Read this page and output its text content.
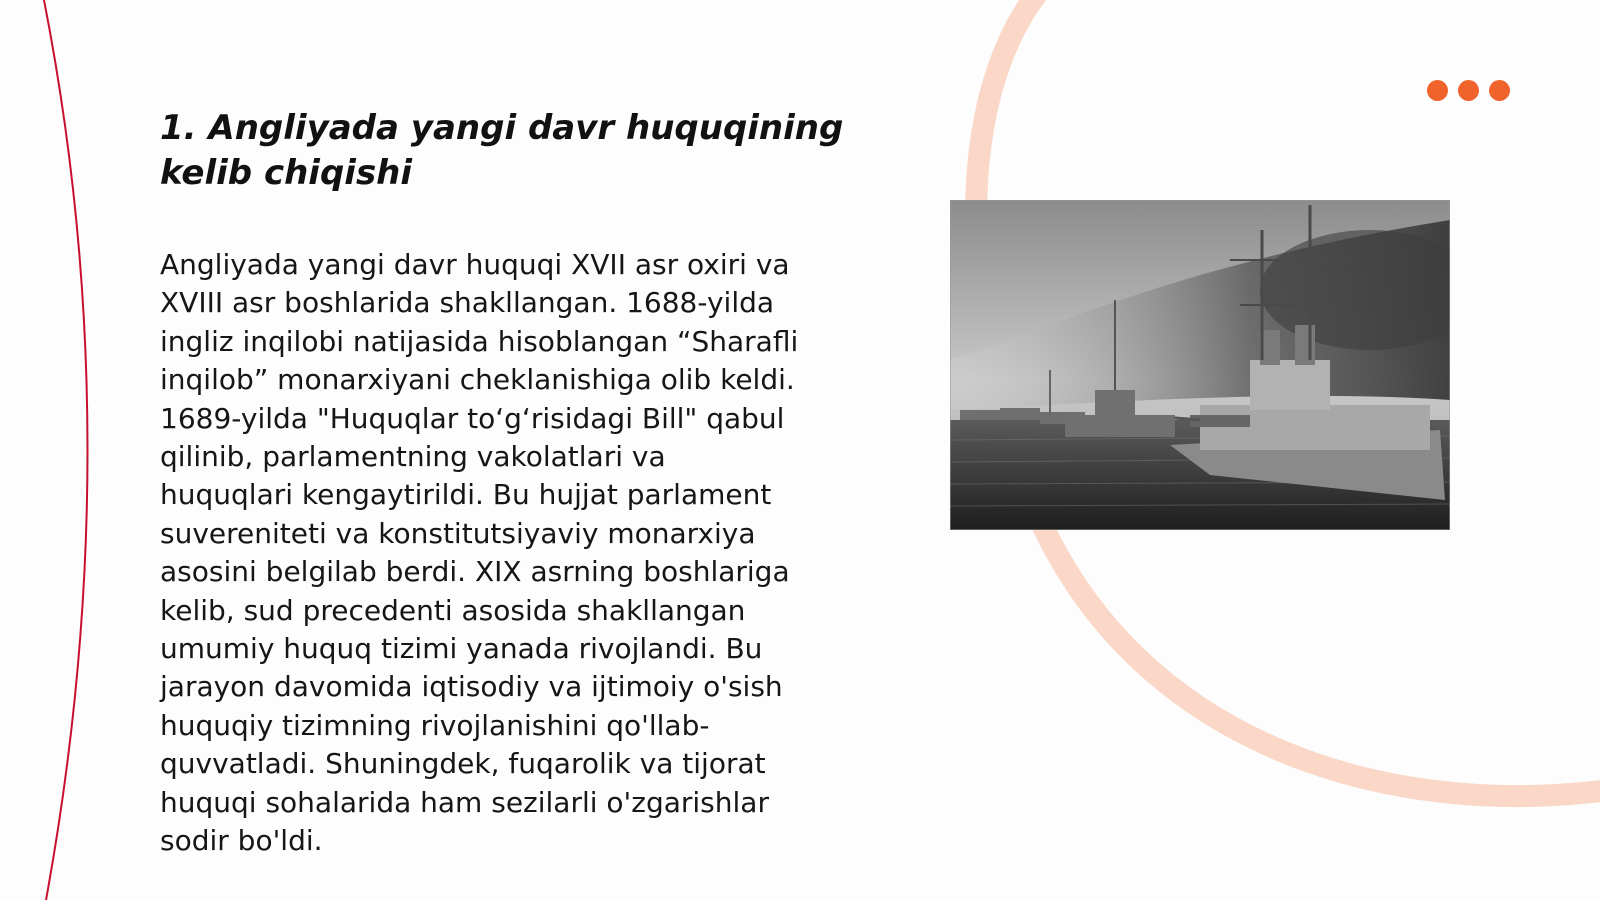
1. Angliyada yangi davr huquqining
kelib chiqishi

Angliyada yangi davr huquqi XVII asr oxiri va
XVIII asr boshlarida shakllangan. 1688-yilda
ingliz inqilobi natijasida hisoblangan “Sharafli
inqilob” monarxiyani cheklanishiga olib keldi.
1689-yilda "Huquqlar to‘g‘risidagi Bill" qabul
qilinib, parlamentning vakolatlari va
huquqlari kengaytirildi. Bu hujjat parlament
suvereniteti va konstitutsiyaviy monarxiya
asosini belgilab berdi. XIX asrning boshlariga
kelib, sud precedenti asosida shakllangan
umumiy huquq tizimi yanada rivojlandi. Bu
jarayon davomida iqtisodiy va ijtimoiy o'sish
huquqiy tizimning rivojlanishini qo'llab-
quvvatladi. Shuningdek, fuqarolik va tijorat
huquqi sohalarida ham sezilarli o'zgarishlar
sodir bo'ldi.
